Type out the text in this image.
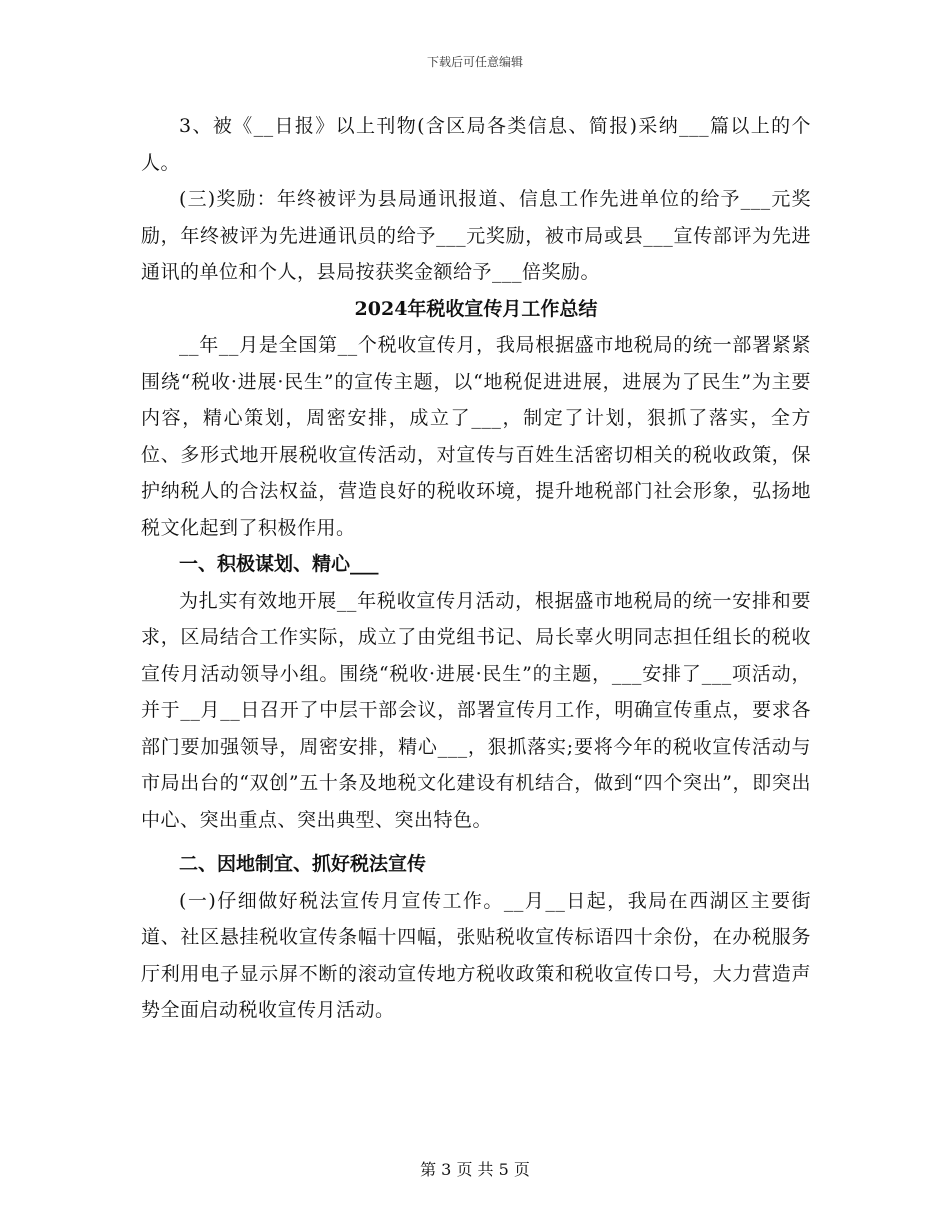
下载后可任意编辑

3、被《__日报》以上刊物(含区局各类信息、简报)采纳___篇以上的个人。

(三)奖励：年终被评为县局通讯报道、信息工作先进单位的给予___元奖励，年终被评为先进通讯员的给予___元奖励，被市局或县___宣传部评为先进通讯的单位和个人，县局按获奖金额给予___倍奖励。

2024年税收宣传月工作总结

__年__月是全国第__个税收宣传月，我局根据盛市地税局的统一部署紧紧围绕“税收·进展·民生”的宣传主题，以“地税促进进展，进展为了民生”为主要内容，精心策划，周密安排，成立了___，制定了计划，狠抓了落实，全方位、多形式地开展税收宣传活动，对宣传与百姓生活密切相关的税收政策，保护纳税人的合法权益，营造良好的税收环境，提升地税部门社会形象，弘扬地税文化起到了积极作用。

一、积极谋划、精心___

为扎实有效地开展__年税收宣传月活动，根据盛市地税局的统一安排和要求，区局结合工作实际，成立了由党组书记、局长辜火明同志担任组长的税收宣传月活动领导小组。围绕“税收·进展·民生”的主题，___安排了___项活动，并于__月__日召开了中层干部会议，部署宣传月工作，明确宣传重点，要求各部门要加强领导，周密安排，精心___，狠抓落实;要将今年的税收宣传活动与市局出台的“双创”五十条及地税文化建设有机结合，做到“四个突出”，即突出中心、突出重点、突出典型、突出特色。

二、因地制宜、抓好税法宣传

(一)仔细做好税法宣传月宣传工作。__月__日起，我局在西湖区主要街道、社区悬挂税收宣传条幅十四幅，张贴税收宣传标语四十余份，在办税服务厅利用电子显示屏不断的滚动宣传地方税收政策和税收宣传口号，大力营造声势全面启动税收宣传月活动。

第 3 页 共 5 页
